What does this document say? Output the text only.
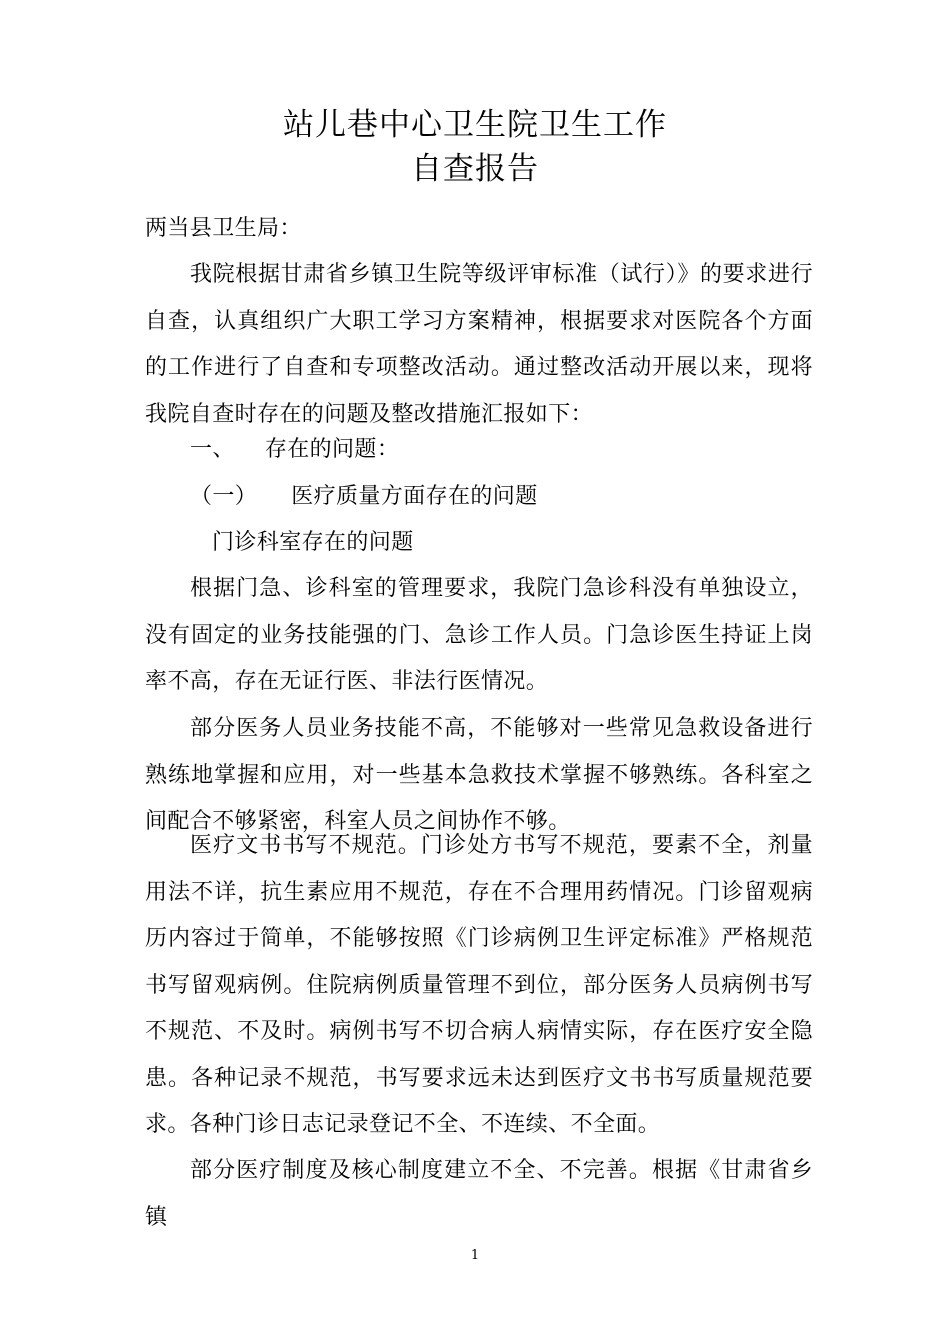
站儿巷中心卫生院卫生工作
自查报告
两当县卫生局：
我院根据甘肃省乡镇卫生院等级评审标准（试行）》的要求进行自查，认真组织广大职工学习方案精神，根据要求对医院各个方面的工作进行了自查和专项整改活动。通过整改活动开展以来，现将我院自查时存在的问题及整改措施汇报如下：
一、 存在的问题：
（一） 医疗质量方面存在的问题
门诊科室存在的问题
根据门急、诊科室的管理要求，我院门急诊科没有单独设立，没有固定的业务技能强的门、急诊工作人员。门急诊医生持证上岗率不高，存在无证行医、非法行医情况。
部分医务人员业务技能不高，不能够对一些常见急救设备进行熟练地掌握和应用，对一些基本急救技术掌握不够熟练。各科室之间配合不够紧密，科室人员之间协作不够。
医疗文书书写不规范。门诊处方书写不规范，要素不全，剂量用法不详，抗生素应用不规范，存在不合理用药情况。门诊留观病历内容过于简单，不能够按照《门诊病例卫生评定标准》严格规范书写留观病例。住院病例质量管理不到位，部分医务人员病例书写不规范、不及时。病例书写不切合病人病情实际，存在医疗安全隐患。各种记录不规范，书写要求远未达到医疗文书书写质量规范要求。各种门诊日志记录登记不全、不连续、不全面。
部分医疗制度及核心制度建立不全、不完善。根据《甘肃省乡镇
1
